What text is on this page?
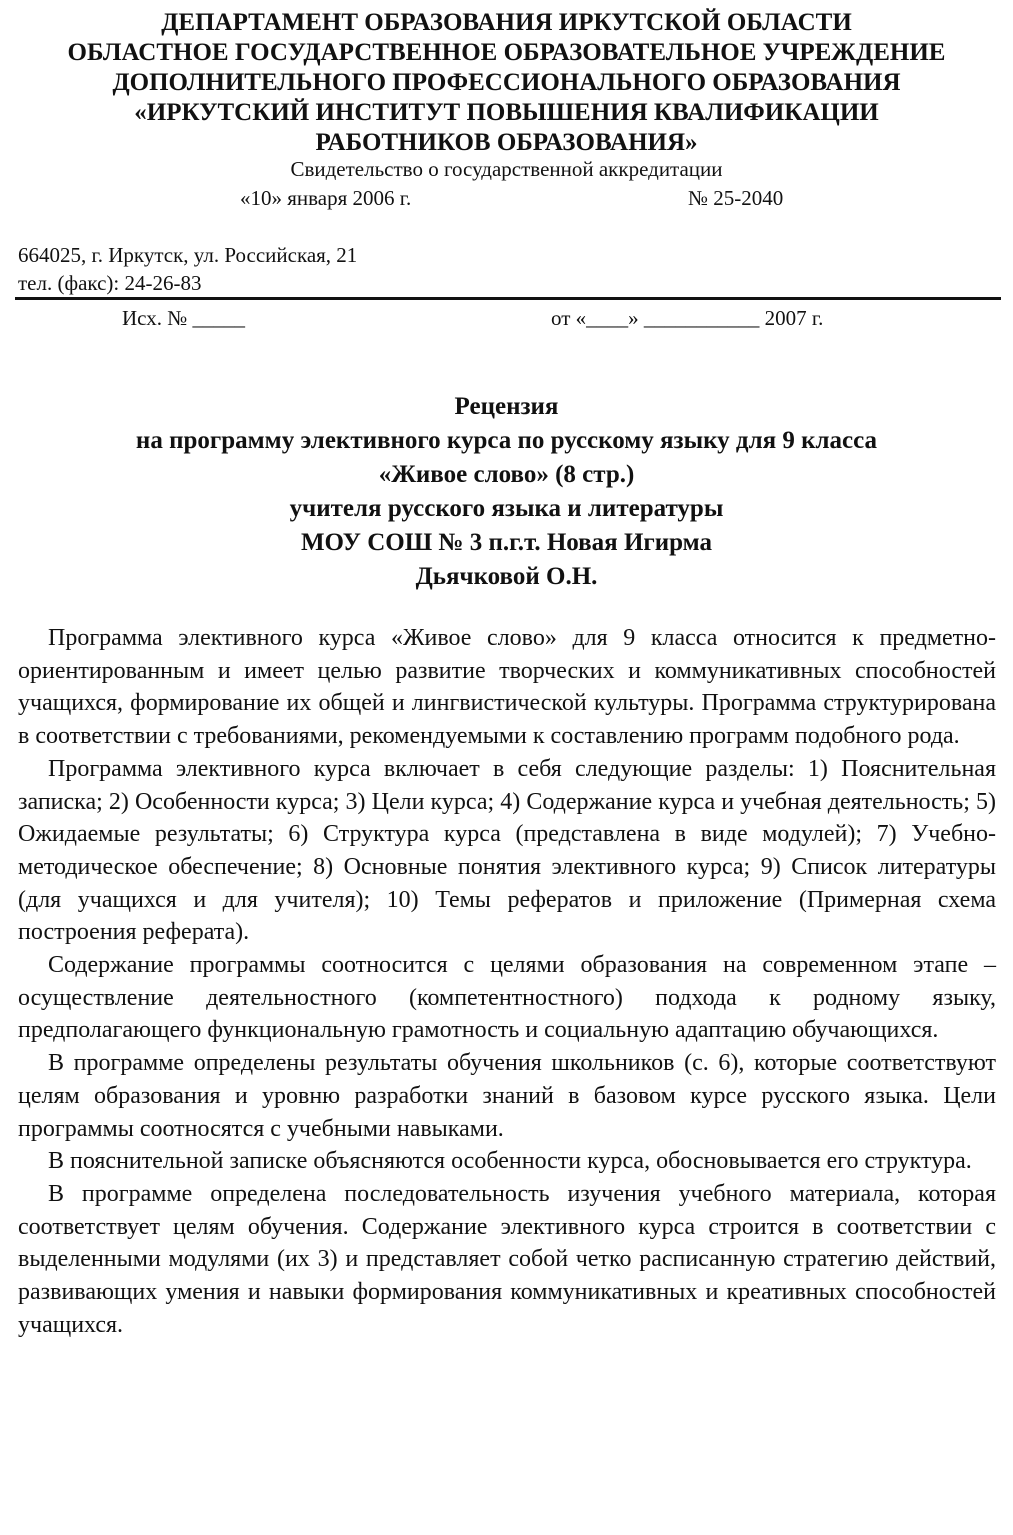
ДЕПАРТАМЕНТ ОБРАЗОВАНИЯ ИРКУТСКОЙ ОБЛАСТИ
ОБЛАСТНОЕ ГОСУДАРСТВЕННОЕ ОБРАЗОВАТЕЛЬНОЕ УЧРЕЖДЕНИЕ
ДОПОЛНИТЕЛЬНОГО ПРОФЕССИОНАЛЬНОГО ОБРАЗОВАНИЯ
«ИРКУТСКИЙ ИНСТИТУТ ПОВЫШЕНИЯ КВАЛИФИКАЦИИ
РАБОТНИКОВ ОБРАЗОВАНИЯ»
Свидетельство о государственной аккредитации
«10» января 2006 г.	№ 25-2040
664025, г. Иркутск, ул. Российская, 21
тел. (факс): 24-26-83
Исх. № _____	от «____» ___________ 2007 г.
Рецензия
на программу элективного курса по русскому языку для 9 класса
«Живое слово» (8 стр.)
учителя русского языка и литературы
МОУ СОШ № 3 п.г.т. Новая Игирма
Дьячковой О.Н.

Программа элективного курса «Живое слово» для 9 класса относится к предметно-ориентированным и имеет целью развитие творческих и коммуникативных способностей учащихся, формирование их общей и лингвистической культуры. Программа структурирована в соответствии с требованиями, рекомендуемыми к составлению программ подобного рода.

Программа элективного курса включает в себя следующие разделы: 1) Пояснительная записка; 2) Особенности курса; 3) Цели курса; 4) Содержание курса и учебная деятельность; 5) Ожидаемые результаты; 6) Структура курса (представлена в виде модулей); 7) Учебно-методическое обеспечение; 8) Основные понятия элективного курса; 9) Список литературы (для учащихся и для учителя); 10) Темы рефератов и приложение (Примерная схема построения реферата).

Содержание программы соотносится с целями образования на современном этапе – осуществление деятельностного (компетентностного) подхода к родному языку, предполагающего функциональную грамотность и социальную адаптацию обучающихся.

В программе определены результаты обучения школьников (с. 6), которые соответствуют целям образования и уровню разработки знаний в базовом курсе русского языка. Цели программы соотносятся с учебными навыками.

В пояснительной записке объясняются особенности курса, обосновывается его структура.

В программе определена последовательность изучения учебного материала, которая соответствует целям обучения. Содержание элективного курса строится в соответствии с выделенными модулями (их 3) и представляет собой четко расписанную стратегию действий, развивающих умения и навыки формирования коммуникативных и креативных способностей учащихся.
